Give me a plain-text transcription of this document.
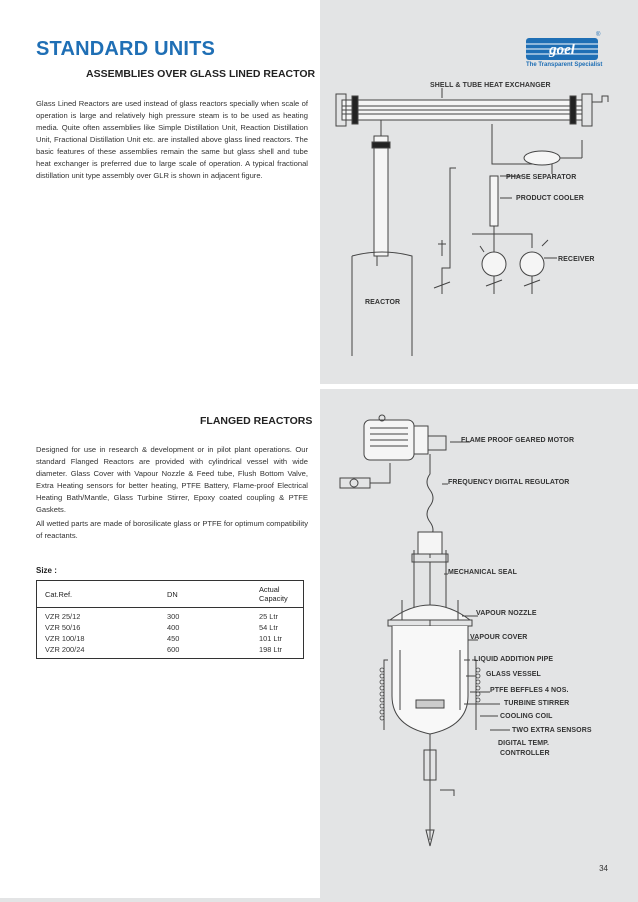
STANDARD UNITS
ASSEMBLIES OVER GLASS LINED REACTOR
goel
®
The Transparent Specialist
Glass Lined Reactors are used instead of glass reactors specially when scale of operation is large and relatively high pressure steam is to be used as heating media. Quite often assemblies like Simple Distillation Unit, Reaction Distillation Unit, Fractional Distillation Unit etc. are installed above glass lined reactors. The basic features of these assemblies remain the same but glass shell and tube heat exchanger is preferred due to large scale of operation. A typical fractional distillation unit type assembly over GLR is shown in adjacent figure.
SHELL & TUBE HEAT EXCHANGER
PHASE SEPARATOR
PRODUCT COOLER
RECEIVER
REACTOR
FLANGED REACTORS
Designed for use in research & development or in pilot plant operations. Our standard Flanged Reactors are provided with cylindrical vessel with wide diameter. Glass Cover with Vapour Nozzle & Feed tube, Flush Bottom Valve, Extra Heating sensors for better heating, PTFE Battery, Flame-proof Electrical Heating Bath/Mantle, Glass Turbine Stirrer, Epoxy coated coupling & PTFE Gaskets.
All wetted parts are made of borosilicate glass or PTFE for optimum compatibility of reactants.
Size :
Cat.Ref.	DN	Actual Capacity
VZR 25/12	300	25 Ltr
VZR 50/16	400	54 Ltr
VZR 100/18	450	101 Ltr
VZR 200/24	600	198 Ltr
FLAME PROOF GEARED MOTOR
FREQUENCY DIGITAL REGULATOR
MECHANICAL SEAL
VAPOUR NOZZLE
VAPOUR COVER
LIQUID ADDITION PIPE
GLASS VESSEL
PTFE BEFFLES 4 NOS.
TURBINE STIRRER
COOLING COIL
TWO EXTRA SENSORS
DIGITAL TEMP.
CONTROLLER
34
